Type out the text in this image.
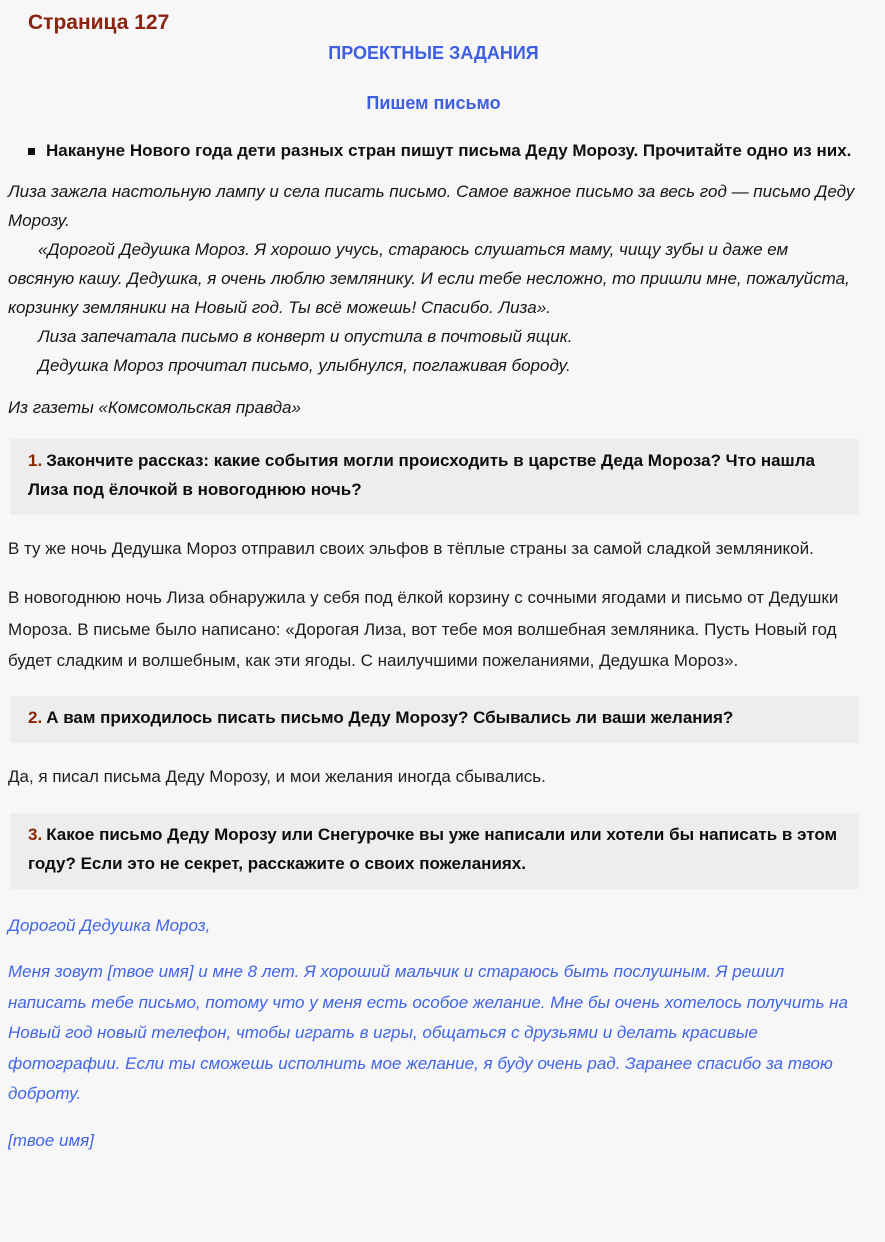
Страница 127
ПРОЕКТНЫЕ ЗАДАНИЯ
Пишем письмо
Накануне Нового года дети разных стран пишут письма Деду Морозу. Прочитайте одно из них.

Лиза зажгла настольную лампу и села писать письмо. Самое важное письмо за весь год — письмо Деду Морозу.

«Дорогой Дедушка Мороз. Я хорошо учусь, стараюсь слушаться маму, чищу зубы и даже ем овсяную кашу. Дедушка, я очень люблю землянику. И если тебе несложно, то пришли мне, пожалуйста, корзинку земляники на Новый год. Ты всё можешь! Спасибо. Лиза».

Лиза запечатала письмо в конверт и опустила в почтовый ящик.

Дедушка Мороз прочитал письмо, улыбнулся, поглаживая бороду.

Из газеты «Комсомольская правда»
1. Закончите рассказ: какие события могли происходить в царстве Деда Мороза? Что нашла Лиза под ёлочкой в новогоднюю ночь?

В ту же ночь Дедушка Мороз отправил своих эльфов в тёплые страны за самой сладкой земляникой.

В новогоднюю ночь Лиза обнаружила у себя под ёлкой корзину с сочными ягодами и письмо от Дедушки Мороза. В письме было написано: «Дорогая Лиза, вот тебе моя волшебная земляника. Пусть Новый год будет сладким и волшебным, как эти ягоды. С наилучшими пожеланиями, Дедушка Мороз».

2. А вам приходилось писать письмо Деду Морозу? Сбывались ли ваши желания?

Да, я писал письма Деду Морозу, и мои желания иногда сбывались.

3. Какое письмо Деду Морозу или Снегурочке вы уже написали или хотели бы написать в этом году? Если это не секрет, расскажите о своих пожеланиях.

Дорогой Дедушка Мороз,

Меня зовут [твое имя] и мне 8 лет. Я хороший мальчик и стараюсь быть послушным. Я решил написать тебе письмо, потому что у меня есть особое желание. Мне бы очень хотелось получить на Новый год новый телефон, чтобы играть в игры, общаться с друзьями и делать красивые фотографии. Если ты сможешь исполнить мое желание, я буду очень рад. Заранее спасибо за твою доброту.

[твое имя]
